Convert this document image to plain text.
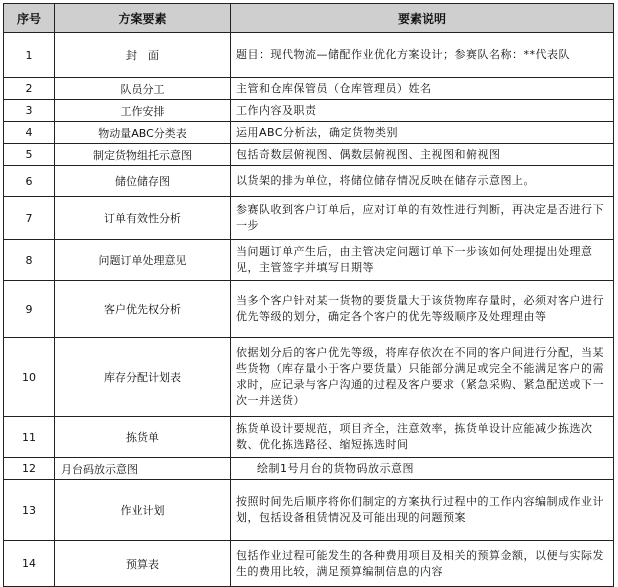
序号	方案要素	要素说明
1	封　面	题目：现代物流—储配作业优化方案设计；参赛队名称：**代表队
2	队员分工	主管和仓库保管员（仓库管理员）姓名
3	工作安排	工作内容及职责
4	物动量ABC分类表	运用ABC分析法，确定货物类别
5	制定货物组托示意图	包括奇数层俯视图、偶数层俯视图、主视图和俯视图
6	储位储存图	以货架的排为单位，将储位储存情况反映在储存示意图上。
7	订单有效性分析	参赛队收到客户订单后，应对订单的有效性进行判断，再决定是否进行下一步
8	问题订单处理意见	当问题订单产生后，由主管决定问题订单下一步该如何处理提出处理意见，主管签字并填写日期等
9	客户优先权分析	当多个客户针对某一货物的要货量大于该货物库存量时，必须对客户进行优先等级的划分，确定各个客户的优先等级顺序及处理理由等
10	库存分配计划表	依据划分后的客户优先等级，将库存依次在不同的客户间进行分配，当某些货物（库存量小于客户要货量）只能部分满足或完全不能满足客户的需求时，应记录与客户沟通的过程及客户要求（紧急采购、紧急配送或下一次一并送货）
11	拣货单	拣货单设计要规范，项目齐全，注意效率，拣货单设计应能减少拣选次数、优化拣选路径、缩短拣选时间
12	月台码放示意图	绘制1号月台的货物码放示意图
13	作业计划	按照时间先后顺序将你们制定的方案执行过程中的工作内容编制成作业计划，包括设备租赁情况及可能出现的问题预案
14	预算表	包括作业过程可能发生的各种费用项目及相关的预算金额，以便与实际发生的费用比较，满足预算编制信息的内容
